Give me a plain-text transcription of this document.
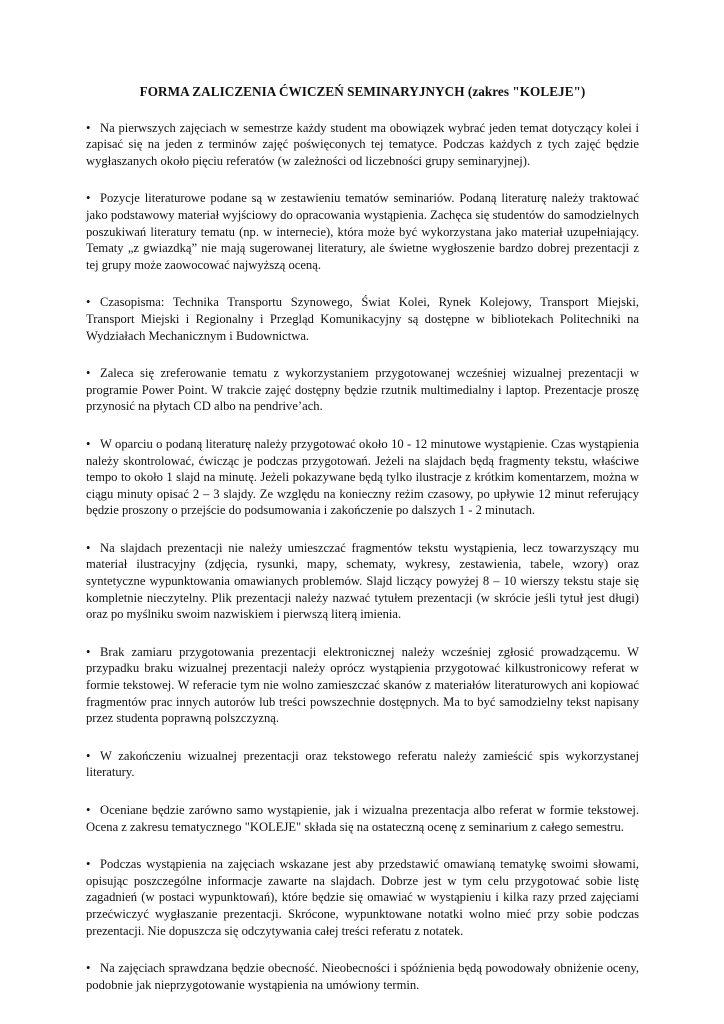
FORMA ZALICZENIA ĆWICZEŃ SEMINARYJNYCH (zakres "KOLEJE")

• Na pierwszych zajęciach w semestrze każdy student ma obowiązek wybrać jeden temat dotyczący kolei i zapisać się na jeden z terminów zajęć poświęconych tej tematyce. Podczas każdych z tych zajęć będzie wygłaszanych około pięciu referatów (w zależności od liczebności grupy seminaryjnej).

• Pozycje literaturowe podane są w zestawieniu tematów seminariów. Podaną literaturę należy traktować jako podstawowy materiał wyjściowy do opracowania wystąpienia. Zachęca się studentów do samodzielnych poszukiwań literatury tematu (np. w internecie), która może być wykorzystana jako materiał uzupełniający. Tematy „z gwiazdką” nie mają sugerowanej literatury, ale świetne wygłoszenie bardzo dobrej prezentacji z tej grupy może zaowocować najwyższą oceną.

• Czasopisma: Technika Transportu Szynowego, Świat Kolei, Rynek Kolejowy, Transport Miejski, Transport Miejski i Regionalny i Przegląd Komunikacyjny są dostępne w bibliotekach Politechniki na Wydziałach Mechanicznym i Budownictwa.

• Zaleca się zreferowanie tematu z wykorzystaniem przygotowanej wcześniej wizualnej prezentacji w programie Power Point. W trakcie zajęć dostępny będzie rzutnik multimedialny i laptop. Prezentacje proszę przynosić na płytach CD albo na pendrive’ach.

• W oparciu o podaną literaturę należy przygotować około 10 - 12 minutowe wystąpienie. Czas wystąpienia należy skontrolować, ćwicząc je podczas przygotowań. Jeżeli na slajdach będą fragmenty tekstu, właściwe tempo to około 1 slajd na minutę. Jeżeli pokazywane będą tylko ilustracje z krótkim komentarzem, można w ciągu minuty opisać 2 – 3 slajdy. Ze względu na konieczny reżim czasowy, po upływie 12 minut referujący będzie proszony o przejście do podsumowania i zakończenie po dalszych 1 - 2 minutach.

• Na slajdach prezentacji nie należy umieszczać fragmentów tekstu wystąpienia, lecz towarzyszący mu materiał ilustracyjny (zdjęcia, rysunki, mapy, schematy, wykresy, zestawienia, tabele, wzory) oraz syntetyczne wypunktowania omawianych problemów. Slajd liczący powyżej 8 – 10 wierszy tekstu staje się kompletnie nieczytelny. Plik prezentacji należy nazwać tytułem prezentacji (w skrócie jeśli tytuł jest długi) oraz po myślniku swoim nazwiskiem i pierwszą literą imienia.

• Brak zamiaru przygotowania prezentacji elektronicznej należy wcześniej zgłosić prowadzącemu. W przypadku braku wizualnej prezentacji należy oprócz wystąpienia przygotować kilkustronicowy referat w formie tekstowej. W referacie tym nie wolno zamieszczać skanów z materiałów literaturowych ani kopiować fragmentów prac innych autorów lub treści powszechnie dostępnych. Ma to być samodzielny tekst napisany przez studenta poprawną polszczyzną.

• W zakończeniu wizualnej prezentacji oraz tekstowego referatu należy zamieścić spis wykorzystanej literatury.

• Oceniane będzie zarówno samo wystąpienie, jak i wizualna prezentacja albo referat w formie tekstowej. Ocena z zakresu tematycznego "KOLEJE" składa się na ostateczną ocenę z seminarium z całego semestru.

• Podczas wystąpienia na zajęciach wskazane jest aby przedstawić omawianą tematykę swoimi słowami, opisując poszczególne informacje zawarte na slajdach. Dobrze jest w tym celu przygotować sobie listę zagadnień (w postaci wypunktowań), które będzie się omawiać w wystąpieniu i kilka razy przed zajęciami przećwiczyć wygłaszanie prezentacji. Skrócone, wypunktowane notatki wolno mieć przy sobie podczas prezentacji. Nie dopuszcza się odczytywania całej treści referatu z notatek.

• Na zajęciach sprawdzana będzie obecność. Nieobecności i spóźnienia będą powodowały obniżenie oceny, podobnie jak nieprzygotowanie wystąpienia na umówiony termin.
